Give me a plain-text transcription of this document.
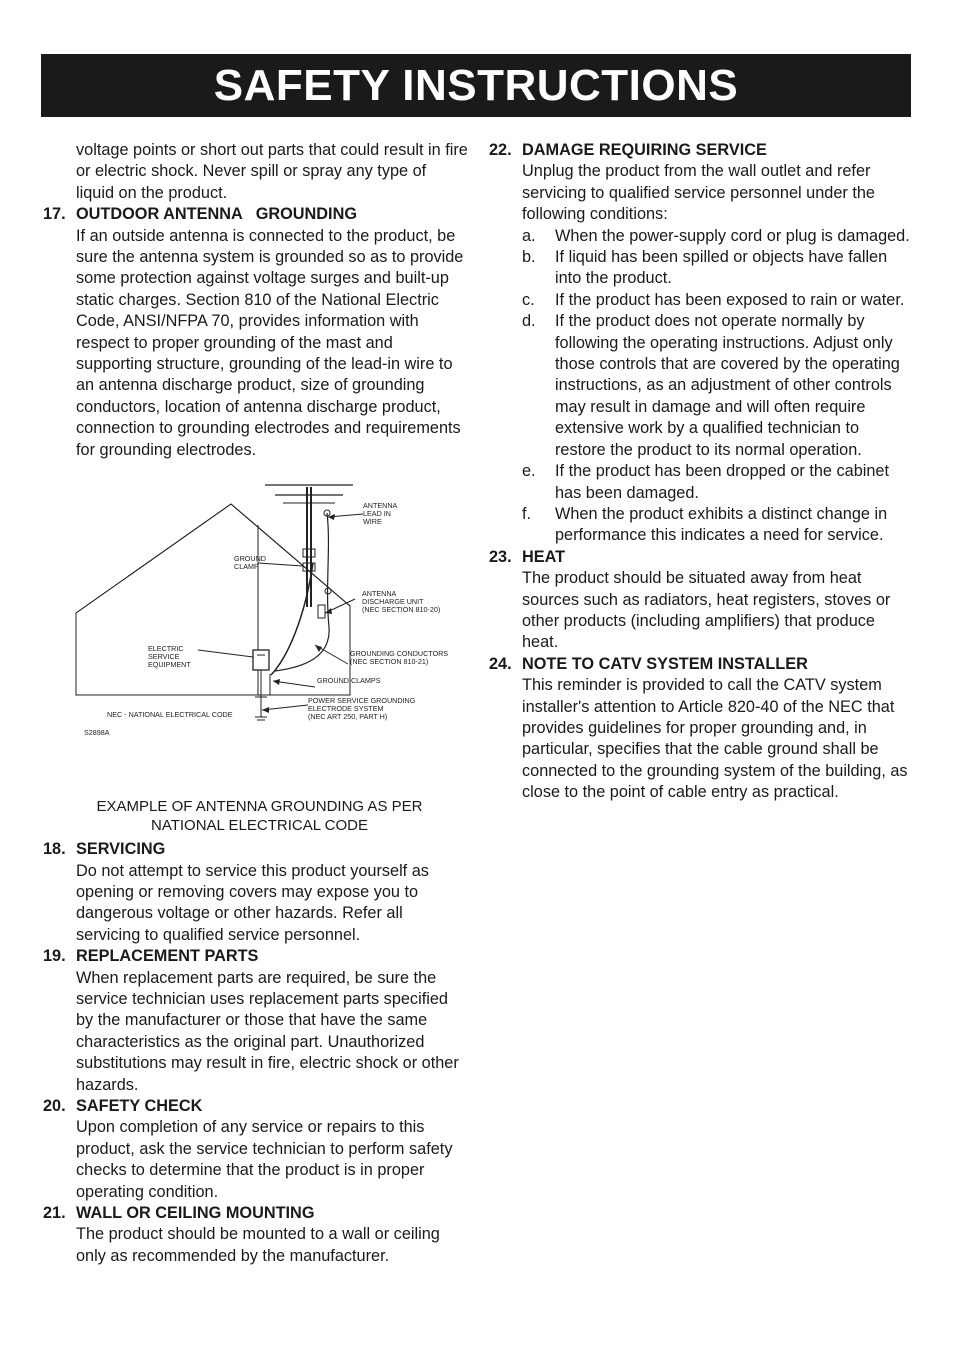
SAFETY INSTRUCTIONS
voltage points or short out parts that could result in fire or electric shock. Never spill or spray any type of liquid on the product.
17. OUTDOOR ANTENNA   GROUNDING
If an outside antenna is connected to the product, be sure the antenna system is grounded so as to provide some protection against voltage surges and built-up static charges. Section 810 of the National Electric Code, ANSI/NFPA 70, provides information with respect to proper grounding of the mast and supporting structure, grounding of the lead-in wire to an antenna discharge product, size of grounding conductors, location of antenna discharge product, connection to grounding electrodes and requirements for grounding electrodes.
ANTENNA
LEAD IN
WIRE
GROUND
CLAMP
ANTENNA
DISCHARGE UNIT
(NEC SECTION 810-20)
ELECTRIC
SERVICE
EQUIPMENT
GROUNDING CONDUCTORS
(NEC SECTION 810-21)
GROUND CLAMPS
POWER SERVICE GROUNDING
ELECTRODE SYSTEM
(NEC ART 250, PART H)
NEC - NATIONAL ELECTRICAL CODE
S2898A
EXAMPLE OF ANTENNA GROUNDING AS PER
NATIONAL ELECTRICAL CODE
18. SERVICING
Do not attempt to service this product yourself as opening or removing covers may expose you to dangerous voltage or other hazards. Refer all servicing to qualified service personnel.
19. REPLACEMENT PARTS
When replacement parts are required, be sure the service technician uses replacement parts specified by the manufacturer or those that have the same characteristics as the original part. Unauthorized substitutions may result in fire, electric shock or other hazards.
20. SAFETY CHECK
Upon completion of any service or repairs to this product, ask the service technician to perform safety checks to determine that the product is in proper operating condition.
21. WALL OR CEILING MOUNTING
The product should be mounted to a wall or ceiling only as recommended by the manufacturer.
22. DAMAGE REQUIRING SERVICE
Unplug the product from the wall outlet and refer servicing to qualified service personnel under the following conditions:
a. When the power-supply cord or plug is damaged.
b. If liquid has been spilled or objects have fallen into the product.
c. If the product has been exposed to rain or water.
d. If the product does not operate normally by following the operating instructions. Adjust only those controls that are covered by the operating instructions, as an adjustment of other controls may result in damage and will often require extensive work by a qualified technician to restore the product to its normal operation.
e. If the product has been dropped or the cabinet has been damaged.
f. When the product exhibits a distinct change in performance this indicates a need for service.
23. HEAT
The product should be situated away from heat sources such as radiators, heat registers, stoves or other products (including amplifiers) that produce heat.
24. NOTE TO CATV SYSTEM INSTALLER
This reminder is provided to call the CATV system installer's attention to Article 820-40 of the NEC that provides guidelines for proper grounding and, in particular, specifies that the cable ground shall be connected to the grounding system of the building, as close to the point of cable entry as practical.
